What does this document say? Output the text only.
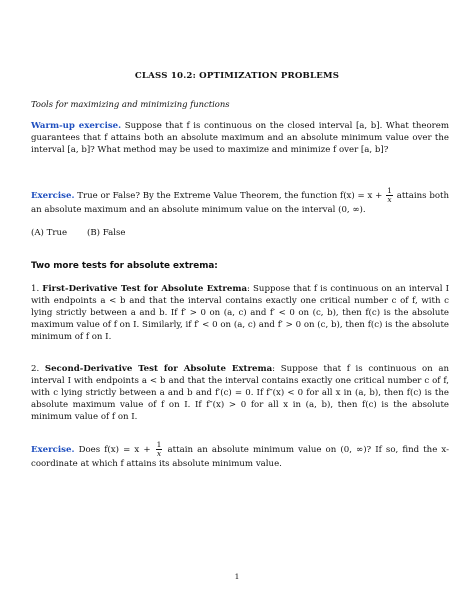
CLASS 10.2: OPTIMIZATION PROBLEMS
Tools for maximizing and minimizing functions
Warm-up exercise. Suppose that f is continuous on the closed interval [a, b]. What theorem guarantees that f attains both an absolute maximum and an absolute minimum value over the interval [a, b]? What method may be used to maximize and minimize f over [a, b]?
Exercise. True or False? By the Extreme Value Theorem, the function $f(x) = x + \frac{1}{x}$ attains both an absolute maximum and an absolute minimum value on the interval (0, ∞).
(A) True (B) False
Two more tests for absolute extrema:
1. First-Derivative Test for Absolute Extrema: Suppose that f is continuous on an interval I with endpoints a < b and that the interval contains exactly one critical number c of f, with c lying strictly between a and b. If f′ > 0 on (a, c) and f′ < 0 on (c, b), then f(c) is the absolute maximum value of f on I. Similarly, if f′ < 0 on (a, c) and f′ > 0 on (c, b), then f(c) is the absolute minimum of f on I.
2. Second-Derivative Test for Absolute Extrema: Suppose that f is continuous on an interval I with endpoints a < b and that the interval contains exactly one critical number c of f, with c lying strictly between a and b and f′(c) = 0. If f″(x) < 0 for all x in (a, b), then f(c) is the absolute maximum value of f on I. If f″(x) > 0 for all x in (a, b), then f(c) is the absolute minimum value of f on I.
Exercise. Does $f(x) = x + \frac{1}{x}$ attain an absolute minimum value on (0, ∞)? If so, find the x-coordinate at which f attains its absolute minimum value.
1
